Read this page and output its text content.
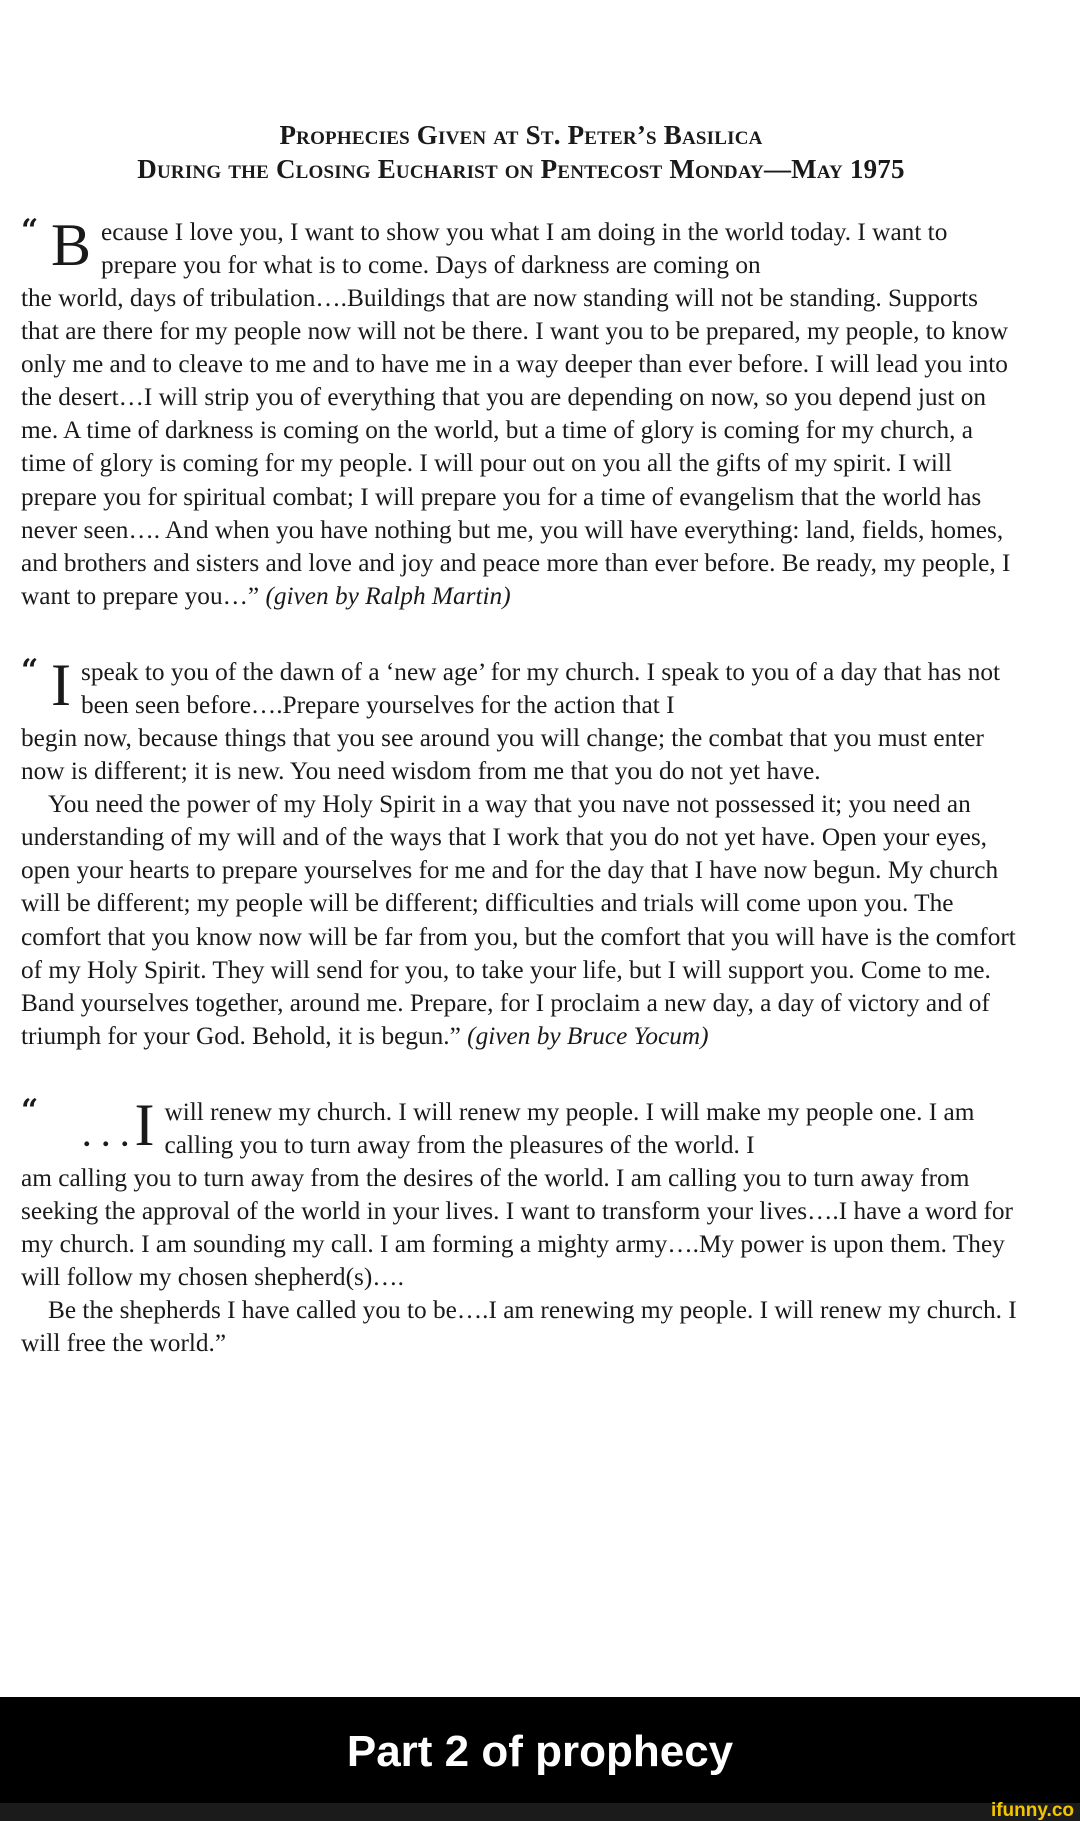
Prophecies Given at St. Peter’s Basilica
During the Closing Eucharist on Pentecost Monday—May 1975
“ B ecause I love you, I want to show you what I am doing in the world today. I want to prepare you for what is to come. Days of darkness are coming on

the world, days of tribulation….Buildings that are now standing will not be standing. Supports that are there for my people now will not be there. I want you to be prepared, my people, to know only me and to cleave to me and to have me in a way deeper than ever before. I will lead you into the desert…I will strip you of everything that you are depending on now, so you depend just on me. A time of darkness is coming on the world, but a time of glory is coming for my church, a time of glory is coming for my people. I will pour out on you all the gifts of my spirit. I will prepare you for spiritual combat; I will prepare you for a time of evangelism that the world has never seen…. And when you have nothing but me, you will have everything: land, fields, homes, and brothers and sisters and love and joy and peace more than ever before. Be ready, my people, I want to prepare you…” (given by Ralph Martin)

“ I speak to you of the dawn of a ‘new age’ for my church. I speak to you of a day that has not been seen before….Prepare yourselves for the action that I

begin now, because things that you see around you will change; the combat that you must enter now is different; it is new. You need wisdom from me that you do not yet have.

You need the power of my Holy Spirit in a way that you nave not possessed it; you need an understanding of my will and of the ways that I work that you do not yet have. Open your eyes, open your hearts to prepare yourselves for me and for the day that I have now begun. My church will be different; my people will be different; difficulties and trials will come upon you. The comfort that you know now will be far from you, but the comfort that you will have is the comfort of my Holy Spirit. They will send for you, to take your life, but I will support you. Come to me. Band yourselves together, around me. Prepare, for I proclaim a new day, a day of victory and of triumph for your God. Behold, it is begun.” (given by Bruce Yocum)

“
. . . I will renew my church. I will renew my people. I will make my people one. I am calling you to turn away from the pleasures of the world. I

am calling you to turn away from the desires of the world. I am calling you to turn away from seeking the approval of the world in your lives. I want to transform your lives….I have a word for my church. I am sounding my call. I am forming a mighty army….My power is upon them. They will follow my chosen shepherd(s)….

Be the shepherds I have called you to be….I am renewing my people. I will renew my church. I will free the world.”

Part 2 of prophecy
ifunny.co
